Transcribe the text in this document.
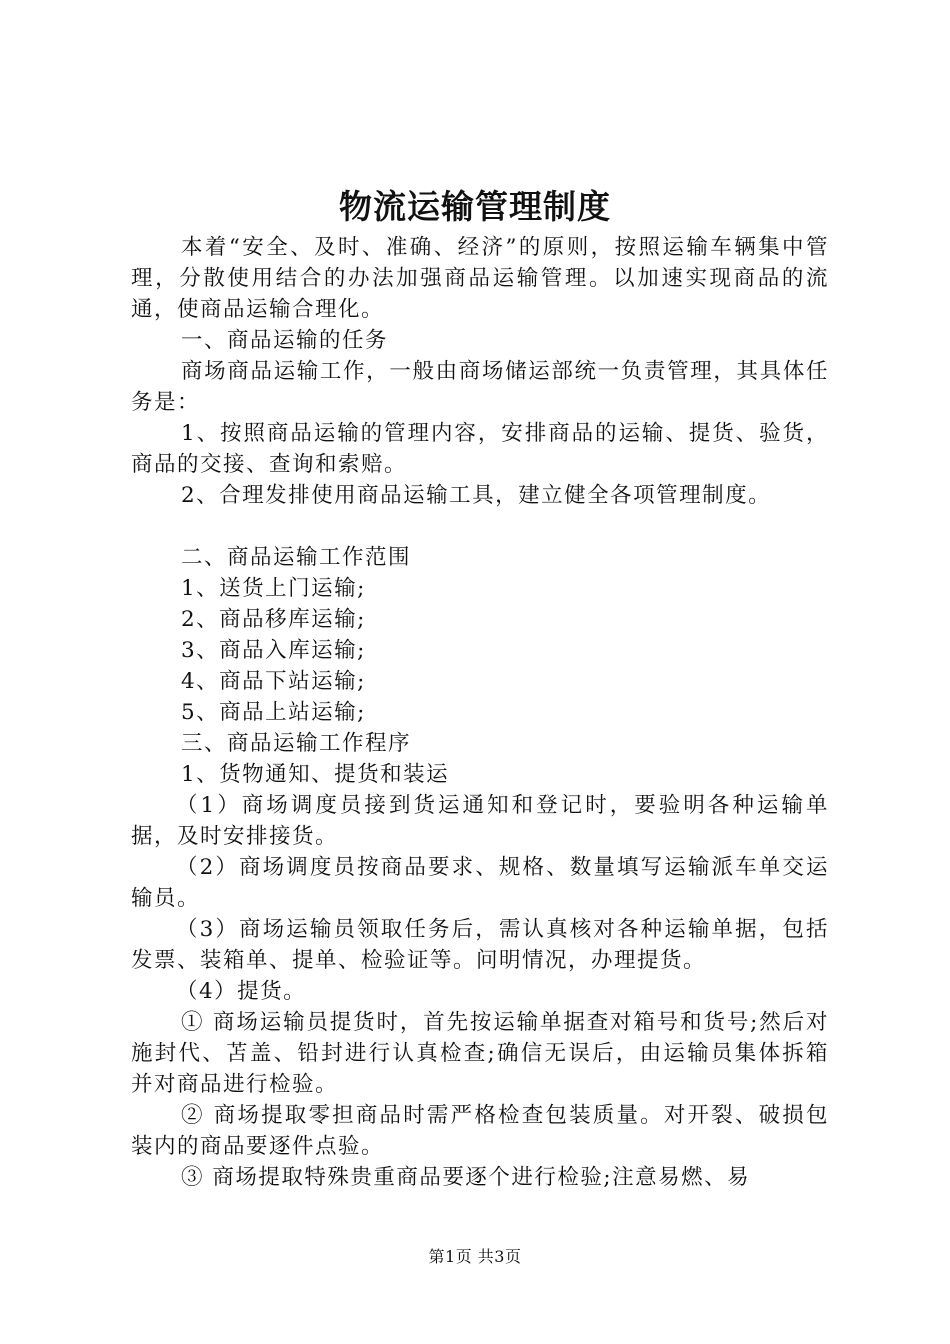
物流运输管理制度

本着“安全、及时、准确、经济”的原则，按照运输车辆集中管理，分散使用结合的办法加强商品运输管理。以加速实现商品的流通，使商品运输合理化。

一、商品运输的任务

商场商品运输工作，一般由商场储运部统一负责管理，其具体任务是：

1、按照商品运输的管理内容，安排商品的运输、提货、验货，商品的交接、查询和索赔。

2、合理发排使用商品运输工具，建立健全各项管理制度。

二、商品运输工作范围

1、送货上门运输;

2、商品移库运输;

3、商品入库运输;

4、商品下站运输;

5、商品上站运输;

三、商品运输工作程序

1、货物通知、提货和装运

（1）商场调度员接到货运通知和登记时，要验明各种运输单据，及时安排接货。

（2）商场调度员按商品要求、规格、数量填写运输派车单交运输员。

（3）商场运输员领取任务后，需认真核对各种运输单据，包括发票、装箱单、提单、检验证等。问明情况，办理提货。

（4）提货。

① 商场运输员提货时，首先按运输单据查对箱号和货号;然后对施封代、苫盖、铅封进行认真检查;确信无误后，由运输员集体拆箱并对商品进行检验。

② 商场提取零担商品时需严格检查包装质量。对开裂、破损包装内的商品要逐件点验。

③ 商场提取特殊贵重商品要逐个进行检验;注意易燃、易

第1页 共3页
